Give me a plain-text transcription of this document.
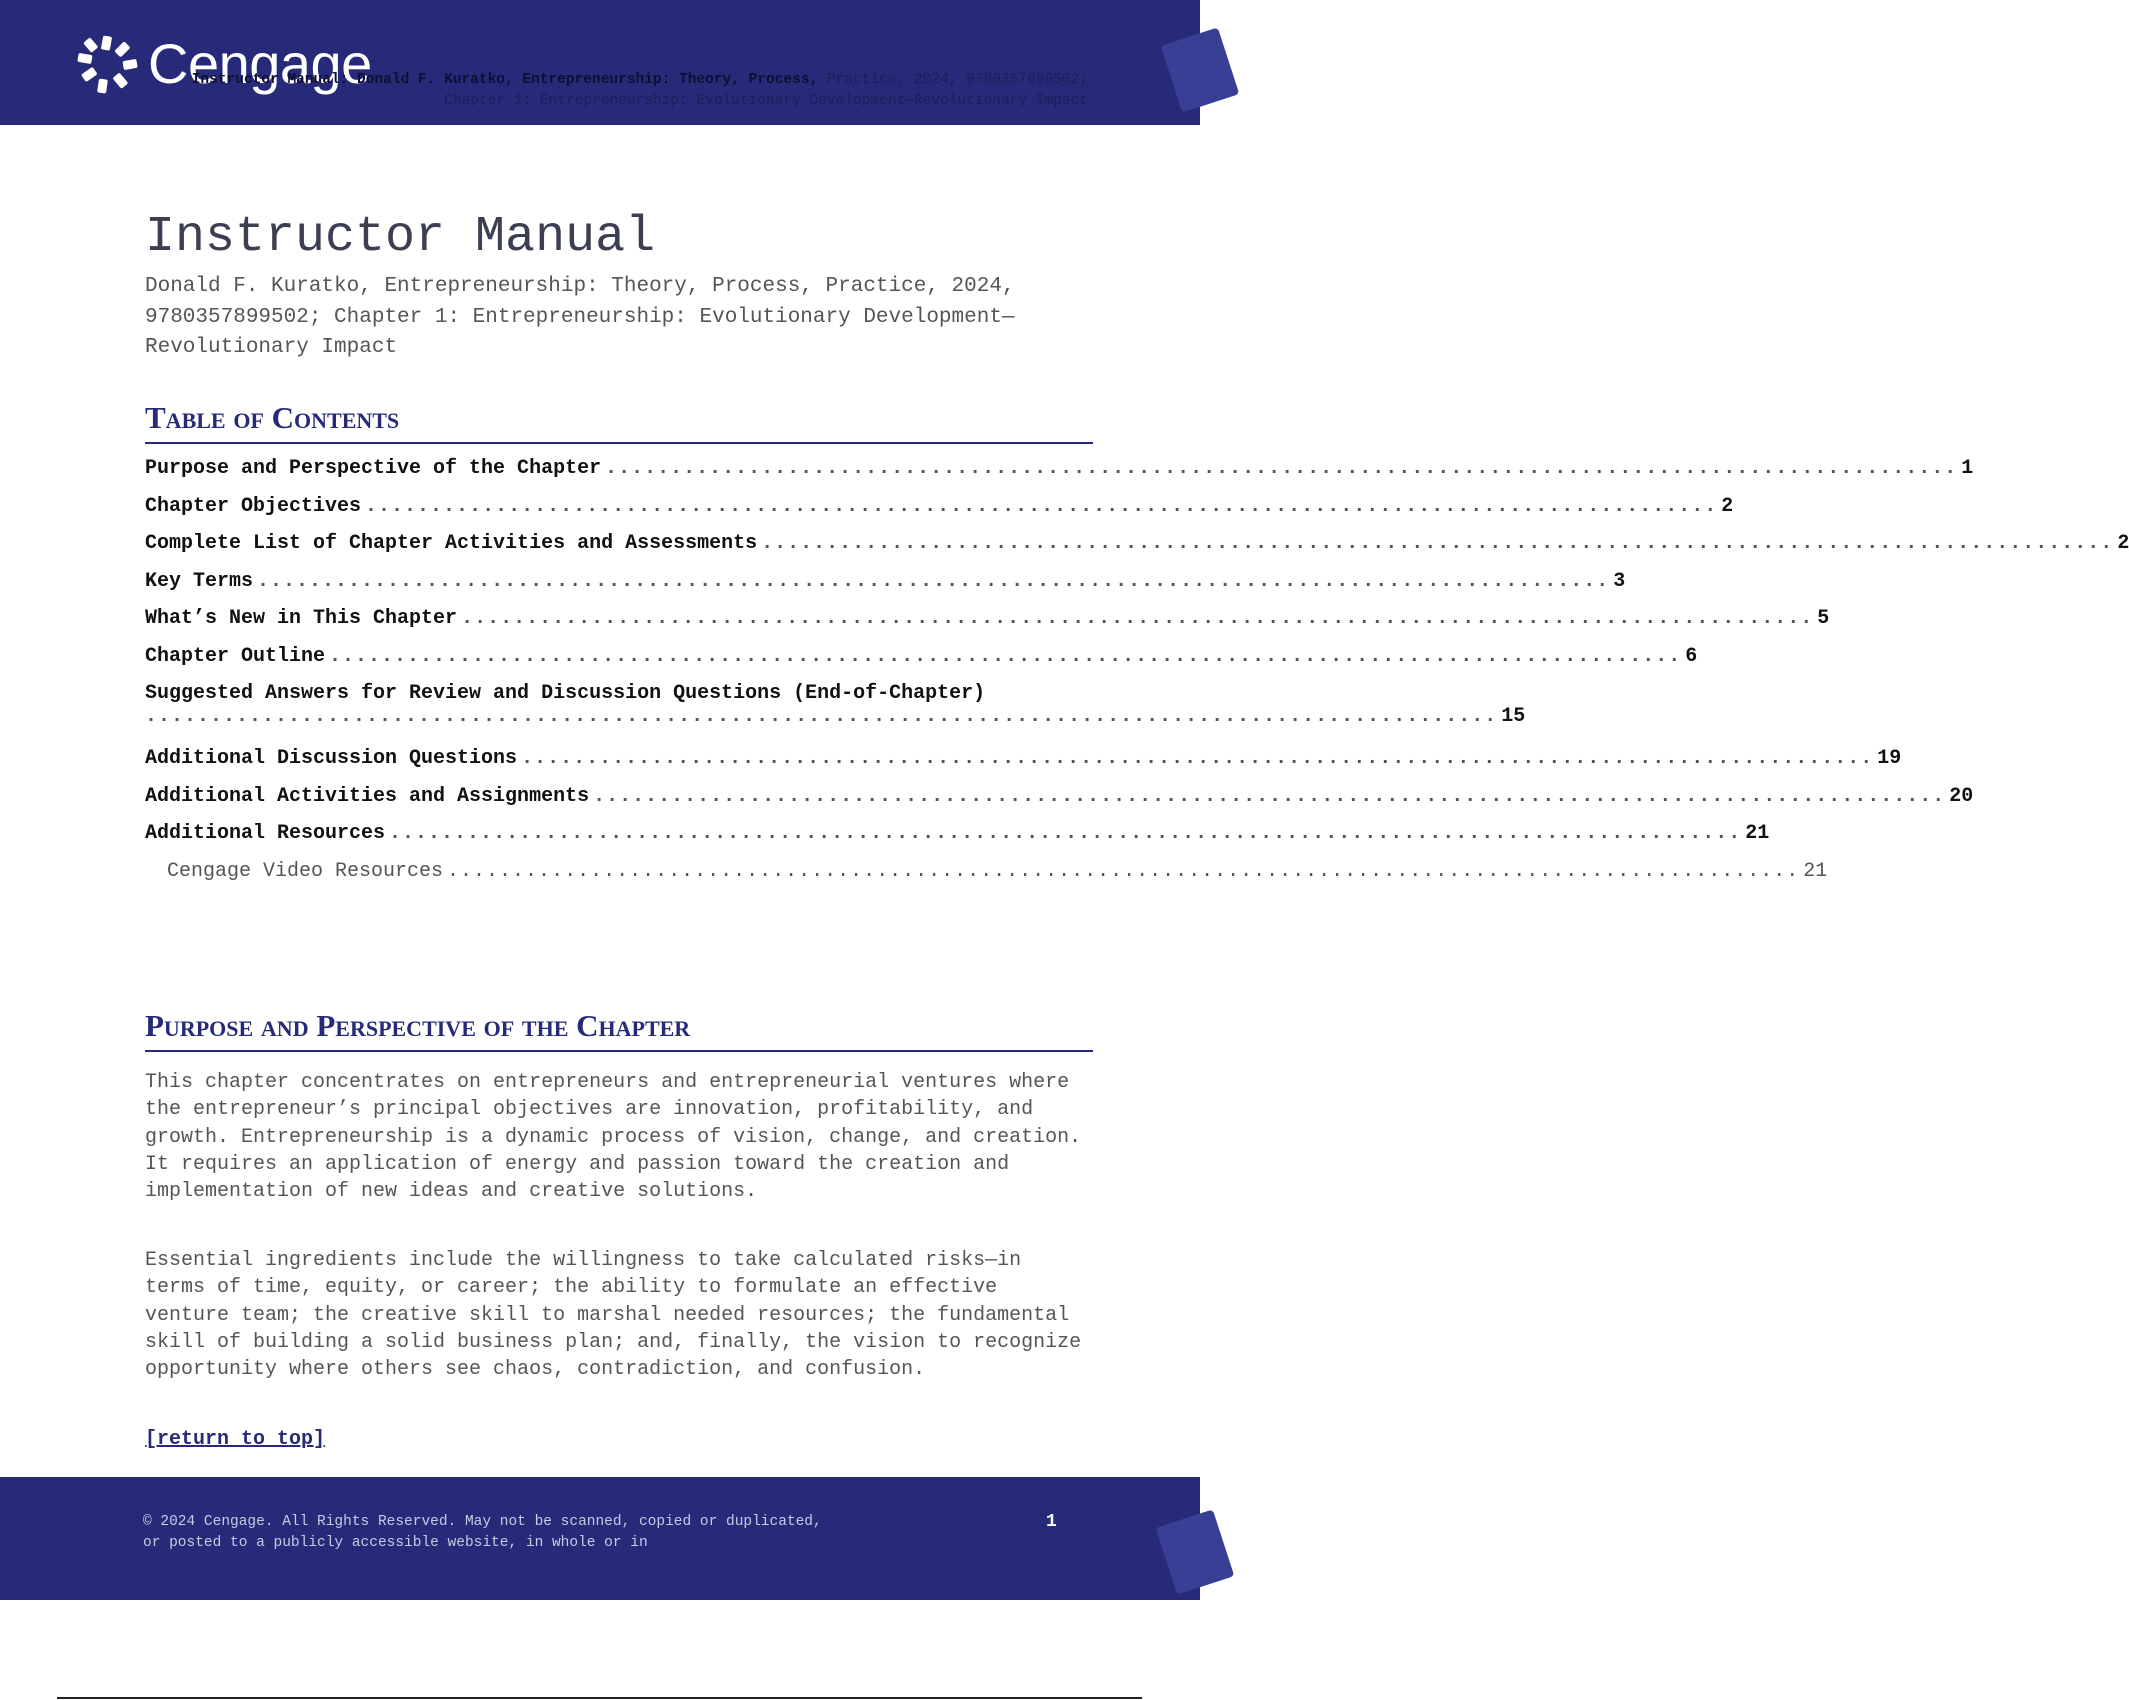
Cengage
Instructor Manual: Donald F. Kuratko, Entrepreneurship: Theory, Process, Practice, 2024, 9780357899502; Chapter 1: Entrepreneurship: Evolutionary Development—Revolutionary Impact
Instructor Manual

Donald F. Kuratko, Entrepreneurship: Theory, Process, Practice, 2024, 9780357899502; Chapter 1: Entrepreneurship: Evolutionary Development—Revolutionary Impact

Table of Contents
Purpose and Perspective of the Chapter ........................................................................................................ 1
Chapter Objectives ........................................................................................................ 2
Complete List of Chapter Activities and Assessments ........................................................................................................ 2
Key Terms ........................................................................................................ 3
What’s New in This Chapter ........................................................................................................ 5
Chapter Outline ........................................................................................................ 6
Suggested Answers for Review and Discussion Questions (End-of-Chapter)
........................................................................................................ 15
Additional Discussion Questions ........................................................................................................ 19
Additional Activities and Assignments ........................................................................................................ 20
Additional Resources ........................................................................................................ 21
Cengage Video Resources ........................................................................................................ 21
Purpose and Perspective of the Chapter

This chapter concentrates on entrepreneurs and entrepreneurial ventures where the entrepreneur’s principal objectives are innovation, profitability, and growth. Entrepreneurship is a dynamic process of vision, change, and creation. It requires an application of energy and passion toward the creation and implementation of new ideas and creative solutions.

Essential ingredients include the willingness to take calculated risks—in terms of time, equity, or career; the ability to formulate an effective venture team; the creative skill to marshal needed resources; the fundamental skill of building a solid business plan; and, finally, the vision to recognize opportunity where others see chaos, contradiction, and confusion.

[return to top]
© 2024 Cengage. All Rights Reserved. May not be scanned, copied or duplicated, or posted to a publicly accessible website, in whole or in
1
